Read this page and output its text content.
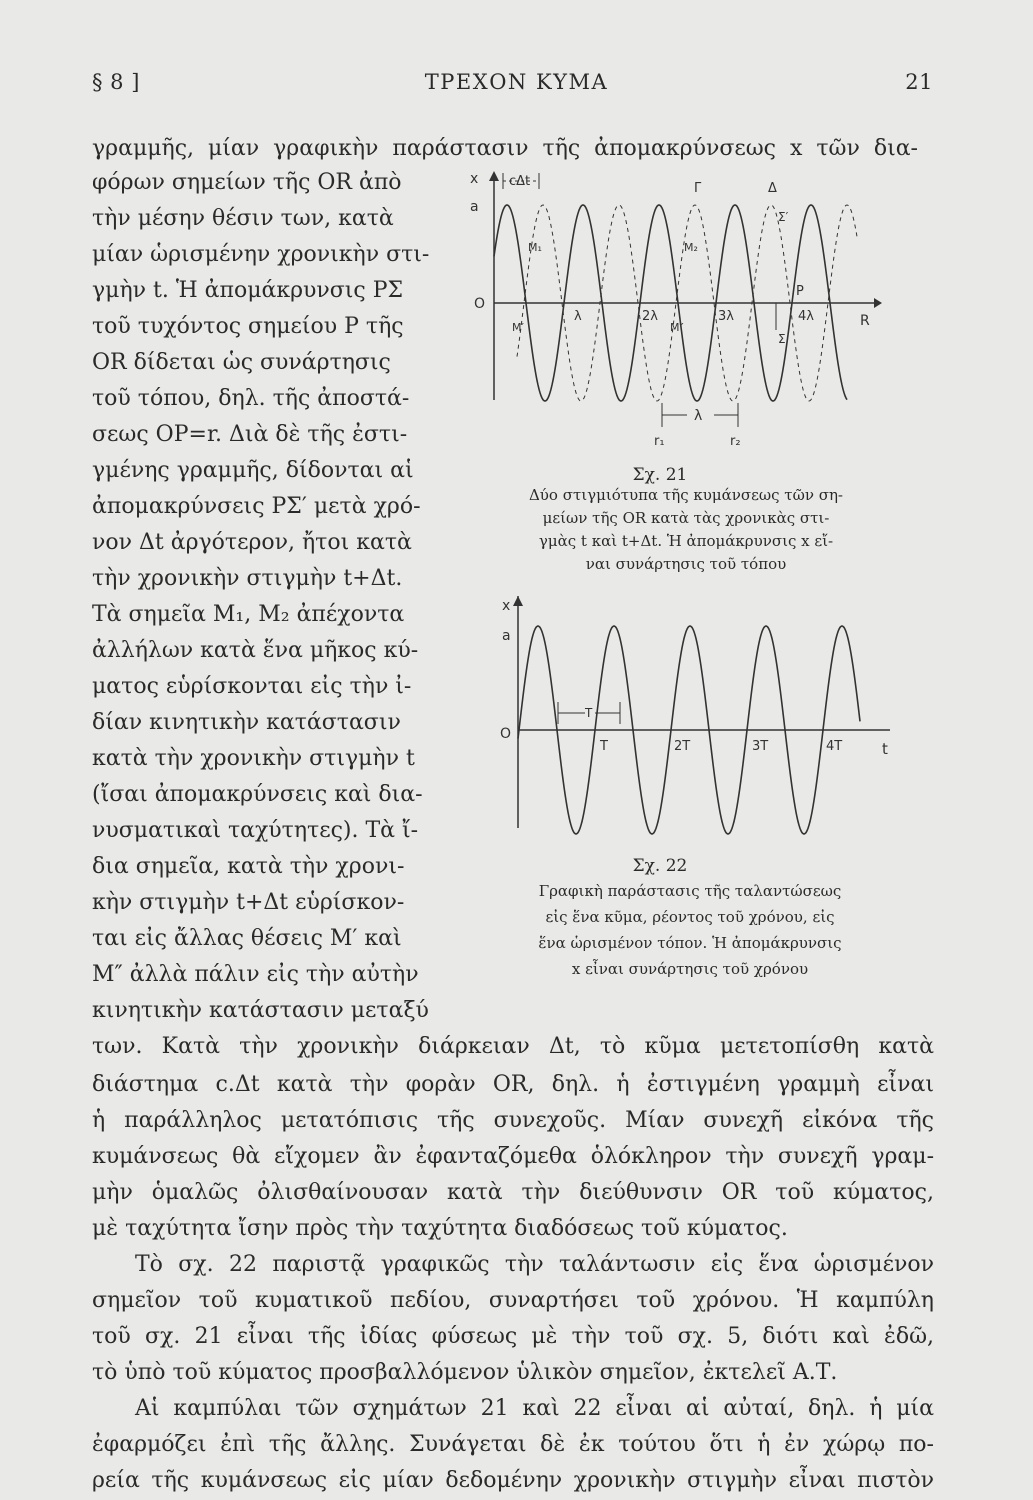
§ 8 ]	ΤΡΕΧΟΝ ΚΥΜΑ	21
γραμμῆς, μίαν γραφικὴν παράστασιν τῆς ἀπομακρύνσεως x τῶν δια-
φόρων σημείων τῆς OR ἀπὸ
τὴν μέσην θέσιν των, κατὰ
μίαν ὡρισμένην χρονικὴν στι-
γμὴν t. Ἡ ἀπομάκρυνσις PΣ
τοῦ τυχόντος σημείου P τῆς
OR δίδεται ὡς συνάρτησις
τοῦ τόπου, δηλ. τῆς ἀποστά-
σεως OP=r. Διὰ δὲ τῆς ἐστι-
γμένης γραμμῆς, δίδονται αἱ
ἀπομακρύνσεις PΣ′ μετὰ χρό-
νον Δt ἀργότερον, ἤτοι κατὰ
τὴν χρονικὴν στιγμὴν t+Δt.
Τὰ σημεῖα M₁, M₂ ἀπέχοντα
ἀλλήλων κατὰ ἕνα μῆκος κύ-
ματος εὑρίσκονται εἰς τὴν ἰ-
δίαν κινητικὴν κατάστασιν
κατὰ τὴν χρονικὴν στιγμὴν t
(ἴσαι ἀπομακρύνσεις καὶ δια-
νυσματικαὶ ταχύτητες). Τὰ ἴ-
δια σημεῖα, κατὰ τὴν χρονι-
κὴν στιγμὴν t+Δt εὑρίσκον-
ται εἰς ἄλλας θέσεις M′ καὶ
M″ ἀλλὰ πάλιν εἰς τὴν αὐτὴν
κινητικὴν κατάστασιν μεταξύ
των. Κατὰ τὴν χρονικὴν διάρκειαν Δt, τὸ κῦμα μετετοπίσθη κατὰ
διάστημα c.Δt κατὰ τὴν φορὰν OR, δηλ. ἡ ἐστιγμένη γραμμὴ εἶναι
ἡ παράλληλος μετατόπισις τῆς συνεχοῦς. Μίαν συνεχῆ εἰκόνα τῆς
κυμάνσεως θὰ εἴχομεν ἂν ἐφανταζόμεθα ὁλόκληρον τὴν συνεχῆ γραμ-
μὴν ὁμαλῶς ὀλισθαίνουσαν κατὰ τὴν διεύθυνσιν OR τοῦ κύματος,
μὲ ταχύτητα ἴσην πρὸς τὴν ταχύτητα διαδόσεως τοῦ κύματος.
Τὸ σχ. 22 παριστᾷ γραφικῶς τὴν ταλάντωσιν εἰς ἕνα ὡρισμένον
σημεῖον τοῦ κυματικοῦ πεδίου, συναρτήσει τοῦ χρόνου. Ἡ καμπύλη
τοῦ σχ. 21 εἶναι τῆς ἰδίας φύσεως μὲ τὴν τοῦ σχ. 5, διότι καὶ ἐδῶ,
τὸ ὑπὸ τοῦ κύματος προσβαλλόμενον ὑλικὸν σημεῖον, ἐκτελεῖ Α.Τ.
Αἱ καμπύλαι τῶν σχημάτων 21 καὶ 22 εἶναι αἱ αὐταί, δηλ. ἡ μία
ἐφαρμόζει ἐπὶ τῆς ἄλλης. Συνάγεται δὲ ἐκ τούτου ὅτι ἡ ἐν χώρῳ πο-
ρεία τῆς κυμάνσεως εἰς μίαν δεδομένην χρονικὴν στιγμὴν εἶναι πιστὸν
x
a
O
R
cΔt	Γ	Δ
Σ′
Σ
P
M₁	M₂
M′	M″
λ	2λ	3λ	4λ
λ
r₁	r₂
Σχ. 21
Δύο στιγμιότυπα τῆς κυμάνσεως τῶν ση-
μείων τῆς OR κατὰ τὰς χρονικὰς στι-
γμὰς t καὶ t+Δt. Ἡ ἀπομάκρυνσις x εἴ-
ναι συνάρτησις τοῦ τόπου
x
a
O
t
T
T	2T	3T	4T
Σχ. 22
Γραφικὴ παράστασις τῆς ταλαντώσεως
εἰς ἕνα κῦμα, ρέοντος τοῦ χρόνου, εἰς
ἕνα ὡρισμένον τόπον. Ἡ ἀπομάκρυνσις
x εἶναι συνάρτησις τοῦ χρόνου
